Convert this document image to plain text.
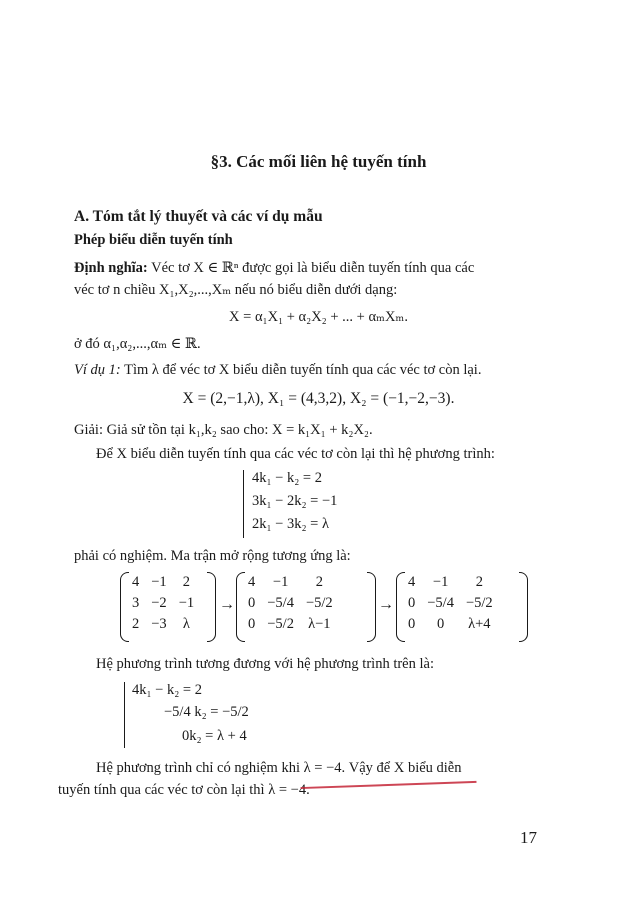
§3. Các mối liên hệ tuyến tính
A. Tóm tắt lý thuyết và các ví dụ mẫu
Phép biểu diễn tuyến tính
Định nghĩa: Véc tơ X ∈ ℝⁿ được gọi là biểu diễn tuyến tính qua các
véc tơ n chiều X₁,X₂,...,Xₘ nếu nó biểu diễn dưới dạng:
X = α₁X₁ + α₂X₂ + ... + αₘXₘ.
ở đó α₁,α₂,...,αₘ ∈ ℝ.
Ví dụ 1: Tìm λ để véc tơ X biểu diễn tuyến tính qua các véc tơ còn lại.
X = (2,−1,λ), X₁ = (4,3,2), X₂ = (−1,−2,−3).
Giải: Giả sử tồn tại k₁,k₂ sao cho: X = k₁X₁ + k₂X₂.
Để X biểu diễn tuyến tính qua các véc tơ còn lại thì hệ phương trình:
4k₁ − k₂ = 2
3k₁ − 2k₂ = −1
2k₁ − 3k₂ = λ
phải có nghiệm. Ma trận mở rộng tương ứng là:
4	−1	2
3	−2	−1
2	−3	λ
→
4	−1	2
0	−5/4	−5/2
0	−5/2	λ−1
→
4	−1	2
0	−5/4	−5/2
0	0	λ+4
Hệ phương trình tương đương với hệ phương trình trên là:
4k₁ − k₂ = 2
−5/4 k₂ = −5/2
0k₂ = λ + 4
Hệ phương trình chỉ có nghiệm khi λ = −4. Vậy để X biểu diễn
tuyến tính qua các véc tơ còn lại thì λ = −4.
17
